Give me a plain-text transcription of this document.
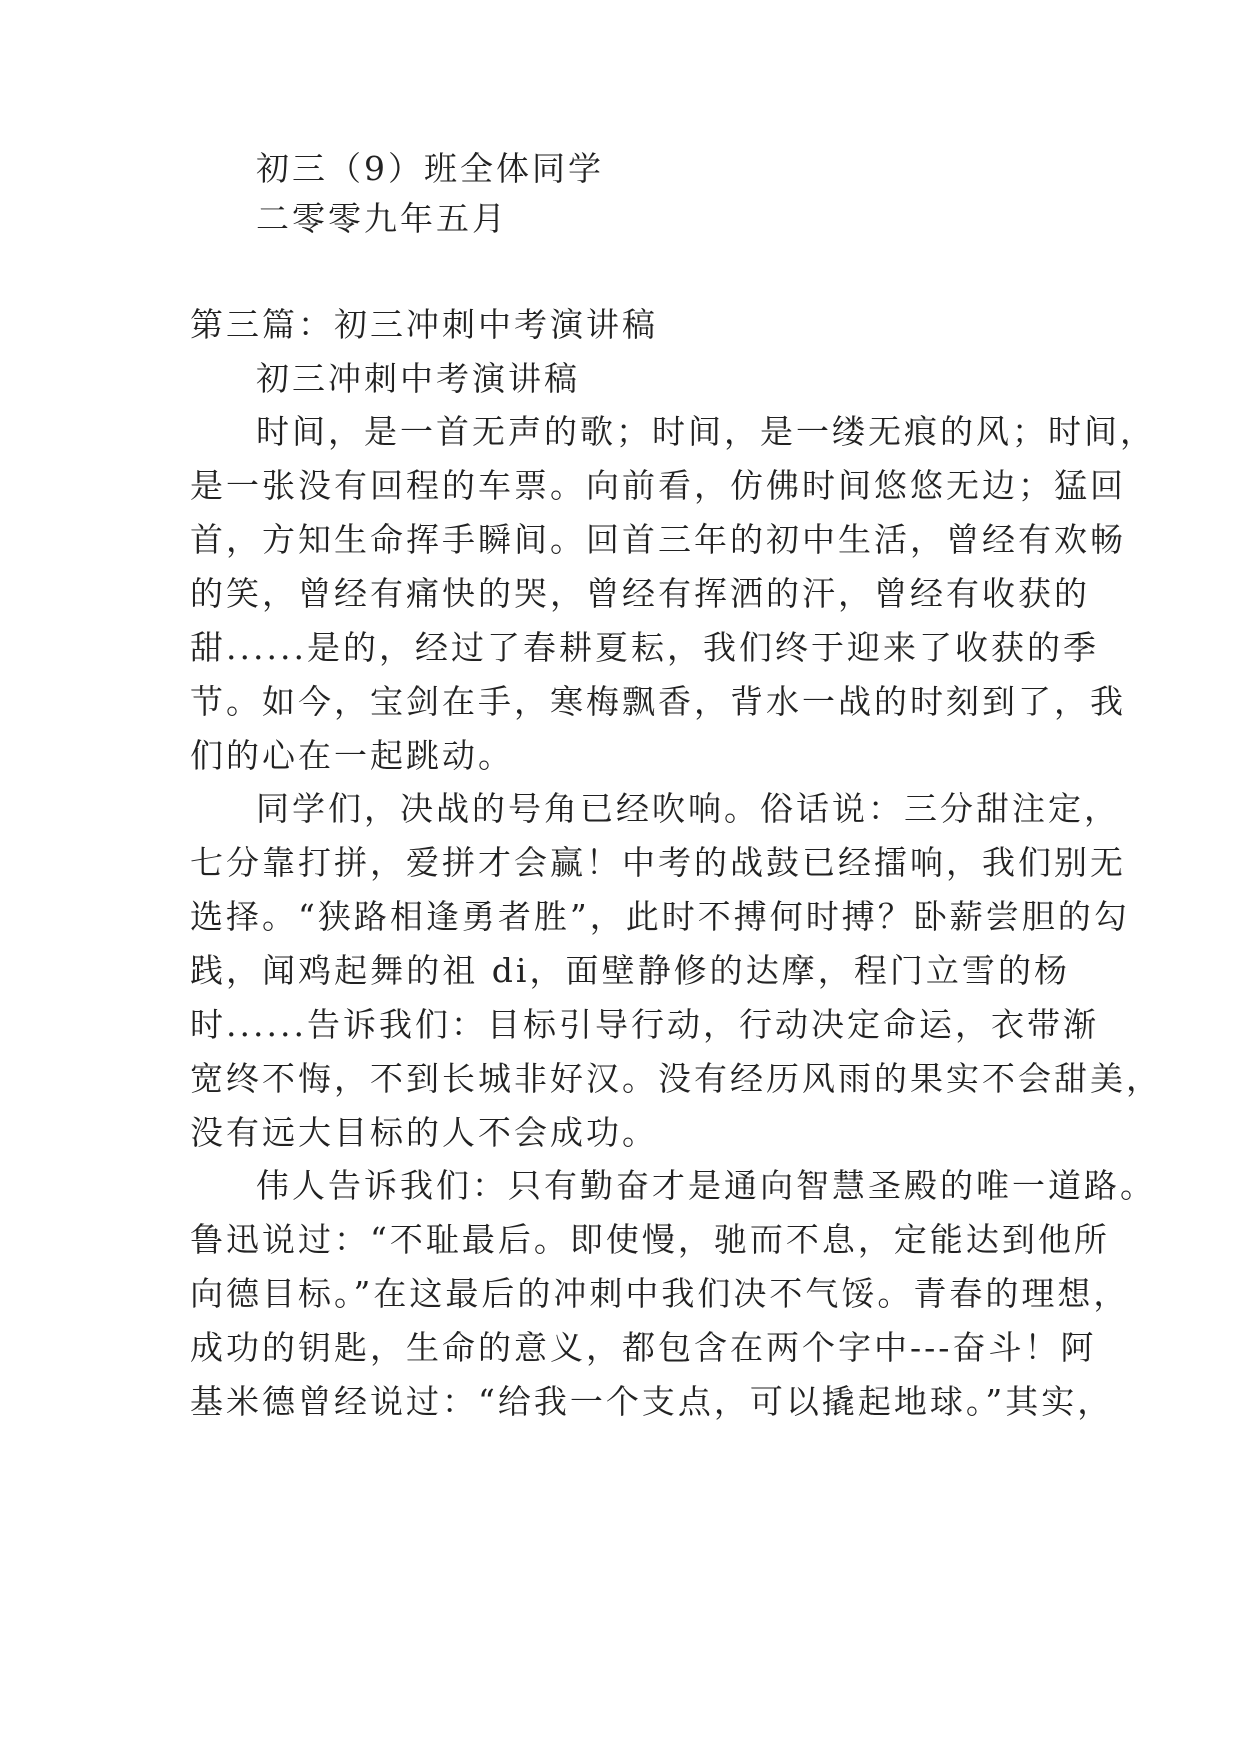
初三（9）班全体同学
二零零九年五月
第三篇：初三冲刺中考演讲稿
初三冲刺中考演讲稿
时间，是一首无声的歌；时间，是一缕无痕的风；时间，
是一张没有回程的车票。向前看，仿佛时间悠悠无边；猛回
首，方知生命挥手瞬间。回首三年的初中生活，曾经有欢畅
的笑，曾经有痛快的哭，曾经有挥洒的汗，曾经有收获的
甜......是的，经过了春耕夏耘，我们终于迎来了收获的季
节。如今，宝剑在手，寒梅飘香，背水一战的时刻到了，我
们的心在一起跳动。
同学们，决战的号角已经吹响。俗话说：三分甜注定，
七分靠打拼，爱拼才会赢！中考的战鼓已经擂响，我们别无
选择。“狭路相逢勇者胜”，此时不搏何时搏？卧薪尝胆的勾
践，闻鸡起舞的祖 di，面壁静修的达摩，程门立雪的杨
时......告诉我们：目标引导行动，行动决定命运，衣带渐
宽终不悔，不到长城非好汉。没有经历风雨的果实不会甜美，
没有远大目标的人不会成功。
伟人告诉我们：只有勤奋才是通向智慧圣殿的唯一道路。
鲁迅说过：“不耻最后。即使慢，驰而不息，定能达到他所
向德目标。”在这最后的冲刺中我们决不气馁。青春的理想，
成功的钥匙，生命的意义，都包含在两个字中---奋斗！阿
基米德曾经说过：“给我一个支点，可以撬起地球。”其实，
